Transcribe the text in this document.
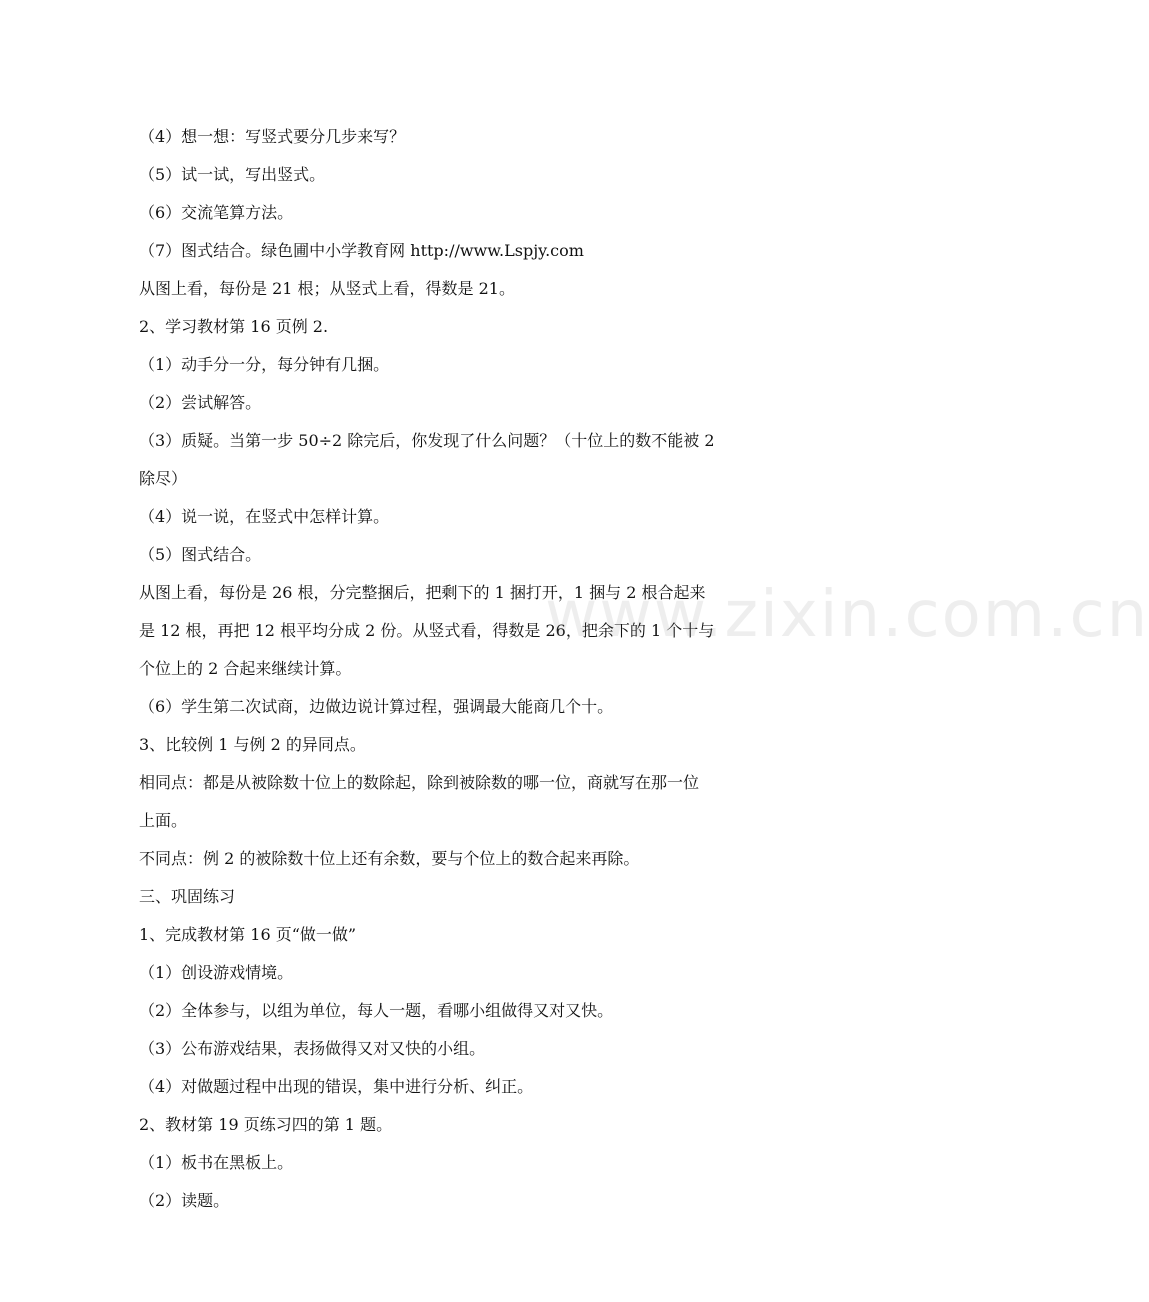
（4）想一想：写竖式要分几步来写？
（5）试一试，写出竖式。
（6）交流笔算方法。
（7）图式结合。绿色圃中小学教育网 http://www.Lspjy.com
从图上看，每份是 21 根；从竖式上看，得数是 21。
2、学习教材第 16 页例 2.
（1）动手分一分，每分钟有几捆。
（2）尝试解答。
（3）质疑。当第一步 50÷2 除完后，你发现了什么问题？（十位上的数不能被 2
除尽）
（4）说一说，在竖式中怎样计算。
（5）图式结合。
从图上看，每份是 26 根，分完整捆后，把剩下的 1 捆打开，1 捆与 2 根合起来
是 12 根，再把 12 根平均分成 2 份。从竖式看，得数是 26，把余下的 1 个十与
个位上的 2 合起来继续计算。
（6）学生第二次试商，边做边说计算过程，强调最大能商几个十。
3、比较例 1 与例 2 的异同点。
相同点：都是从被除数十位上的数除起，除到被除数的哪一位，商就写在那一位
上面。
不同点：例 2 的被除数十位上还有余数，要与个位上的数合起来再除。
三、巩固练习
1、完成教材第 16 页“做一做”
（1）创设游戏情境。
（2）全体参与，以组为单位，每人一题，看哪小组做得又对又快。
（3）公布游戏结果，表扬做得又对又快的小组。
（4）对做题过程中出现的错误，集中进行分析、纠正。
2、教材第 19 页练习四的第 1 题。
（1）板书在黑板上。
（2）读题。
www.zixin.com.cn
